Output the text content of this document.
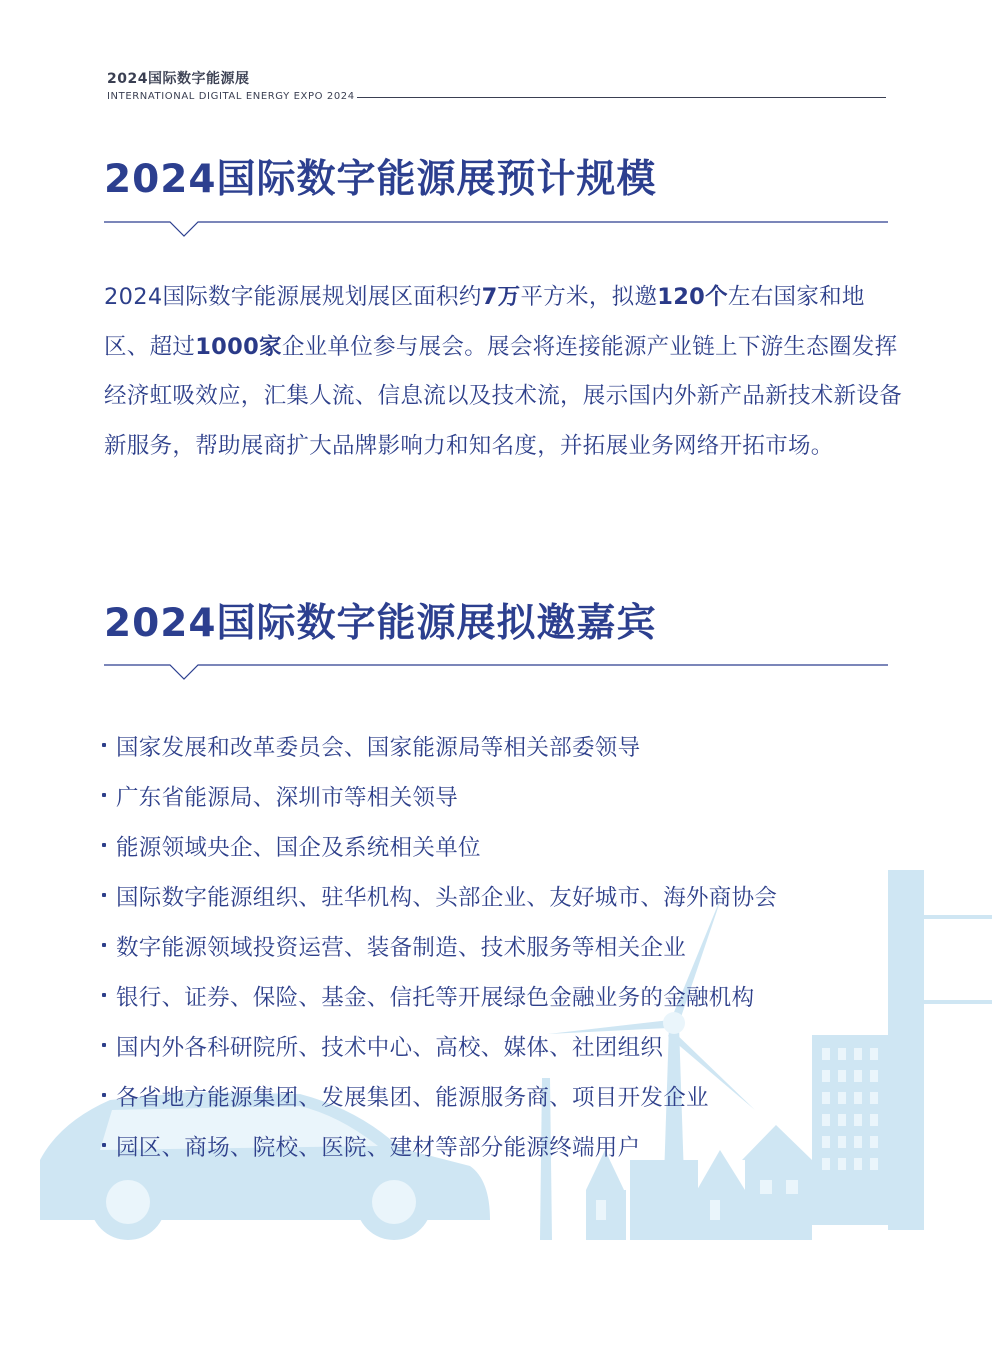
2024国际数字能源展
INTERNATIONAL DIGITAL ENERGY EXPO 2024
2024国际数字能源展预计规模
2024国际数字能源展规划展区面积约7万平方米，拟邀120个左右国家和地区、超过1000家企业单位参与展会。展会将连接能源产业链上下游生态圈发挥经济虹吸效应，汇集人流、信息流以及技术流，展示国内外新产品新技术新设备新服务，帮助展商扩大品牌影响力和知名度，并拓展业务网络开拓市场。
2024国际数字能源展拟邀嘉宾
国家发展和改革委员会、国家能源局等相关部委领导
广东省能源局、深圳市等相关领导
能源领域央企、国企及系统相关单位
国际数字能源组织、驻华机构、头部企业、友好城市、海外商协会
数字能源领域投资运营、装备制造、技术服务等相关企业
银行、证券、保险、基金、信托等开展绿色金融业务的金融机构
国内外各科研院所、技术中心、高校、媒体、社团组织
各省地方能源集团、发展集团、能源服务商、项目开发企业
园区、商场、院校、医院、建材等部分能源终端用户
